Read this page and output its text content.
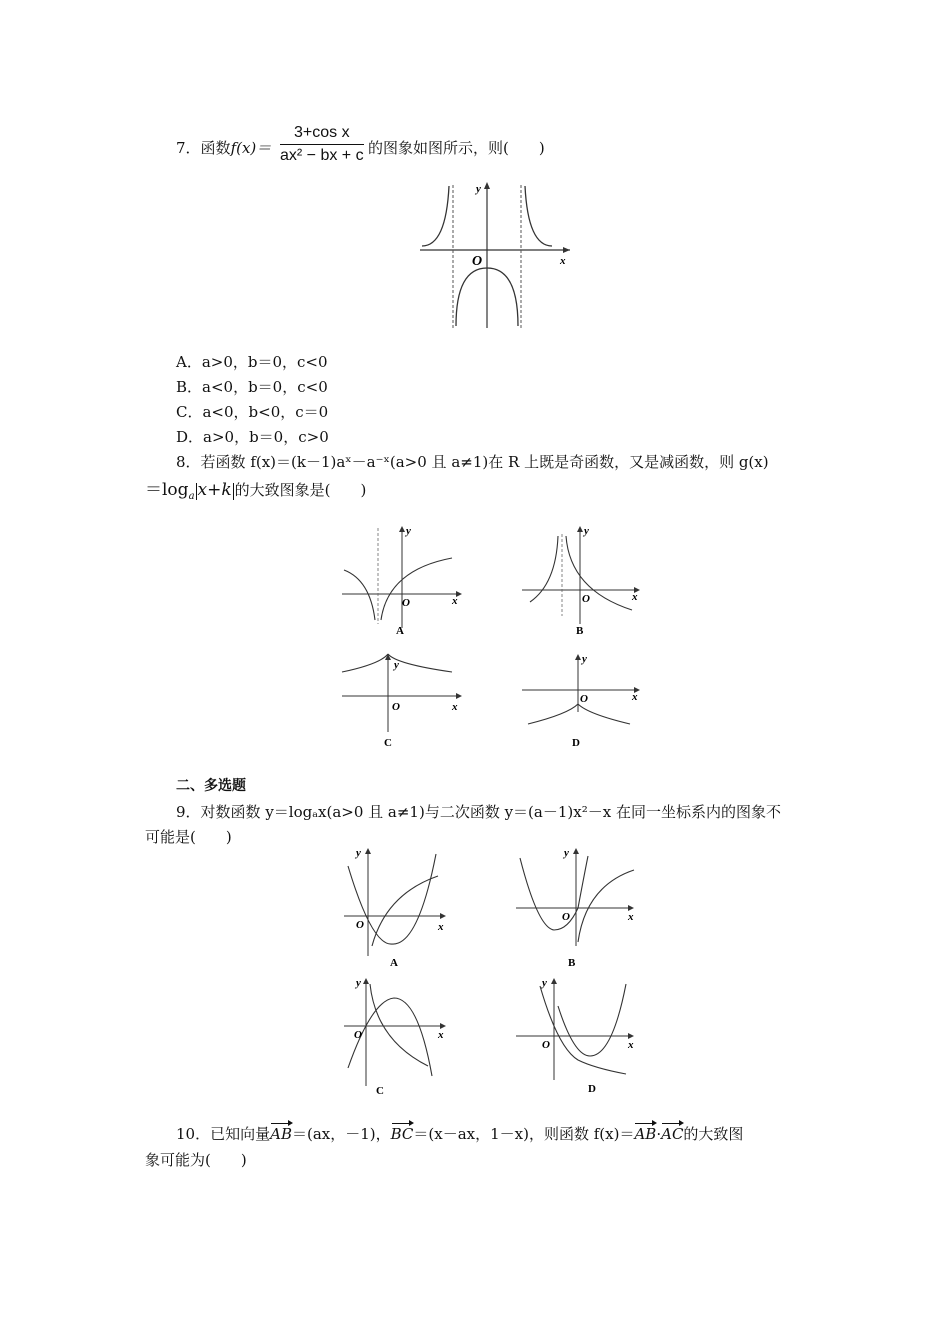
7．函数$f(x)= \frac{\text{3+cos x}}{\text{ax² − bx + c}}$ 的图象如图所示，则(　　)
y
x
O
A．a>0，b＝0，c<0
B．a<0，b＝0，c<0
C．a<0，b<0，c＝0
D．a>0，b＝0，c>0
8．若函数 f(x)＝(k－1)aˣ－a⁻ˣ(a>0 且 a≠1)在 R 上既是奇函数，又是减函数，则 g(x)
$=\log_a$ x+k 的大致图象是(　　)
y
x
O
A
y
x
O
B
y
x
O
C
y
x
O
D
二、多选题
9．对数函数 y＝logₐx(a>0 且 a≠1)与二次函数 y＝(a－1)x²－x 在同一坐标系内的图象不
可能是(　　)
y
x
O
A
y
x
O
B
y
x
O
C
y
x
O
D
10．已知向量AB＝(ax，－1)，BC＝(x－ax，1－x)，则函数 f(x)＝AB·AC的大致图
象可能为(　　)
